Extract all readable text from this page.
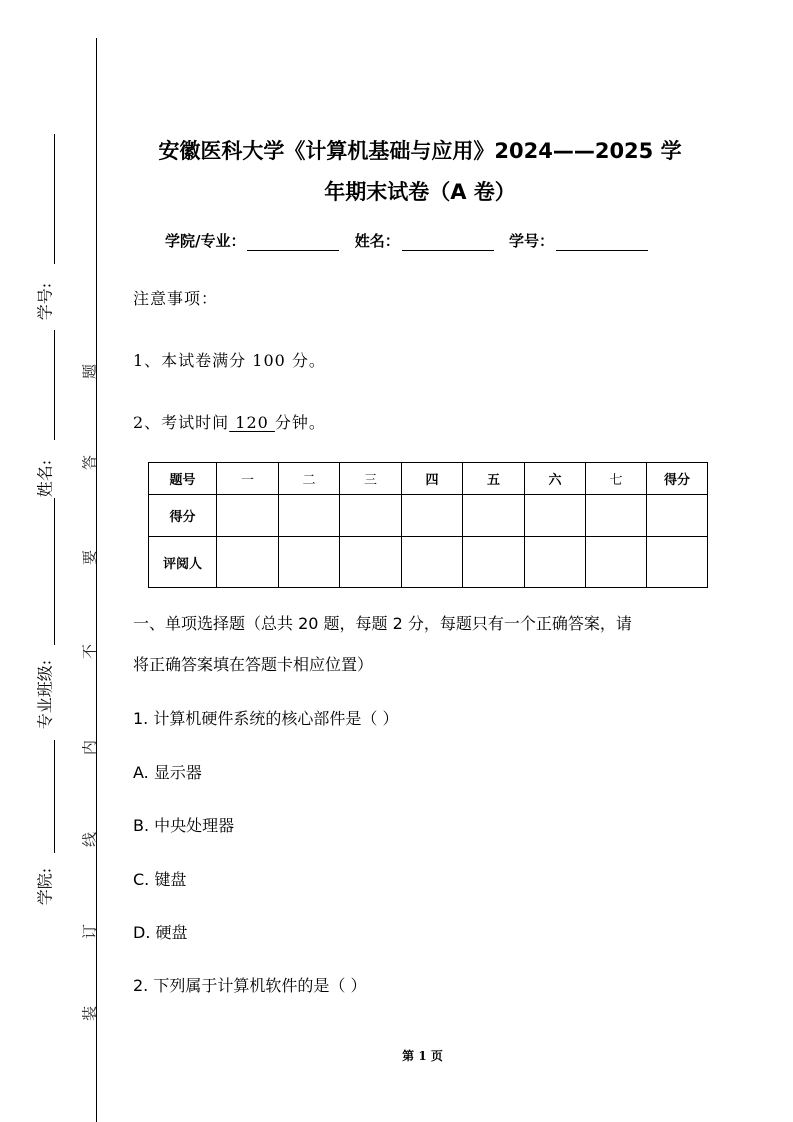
学号:
姓名:
专业班级:
学院:
题
答
要
不
内
线
订
装
安徽医科大学《计算机基础与应用》2024——2025 学
年期末试卷（A 卷）
学院/专业：	姓名：	学号：
注意事项：
1、本试卷满分 100 分。
2、考试时间 120 分钟。
题号	一	二	三	四	五	六	七	得分
得分								
评阅人								
一、单项选择题（总共 20 题，每题 2 分，每题只有一个正确答案，请
将正确答案填在答题卡相应位置）
1. 计算机硬件系统的核心部件是（ ）
A. 显示器
B. 中央处理器
C. 键盘
D. 硬盘
2. 下列属于计算机软件的是（ ）
第 1 页
